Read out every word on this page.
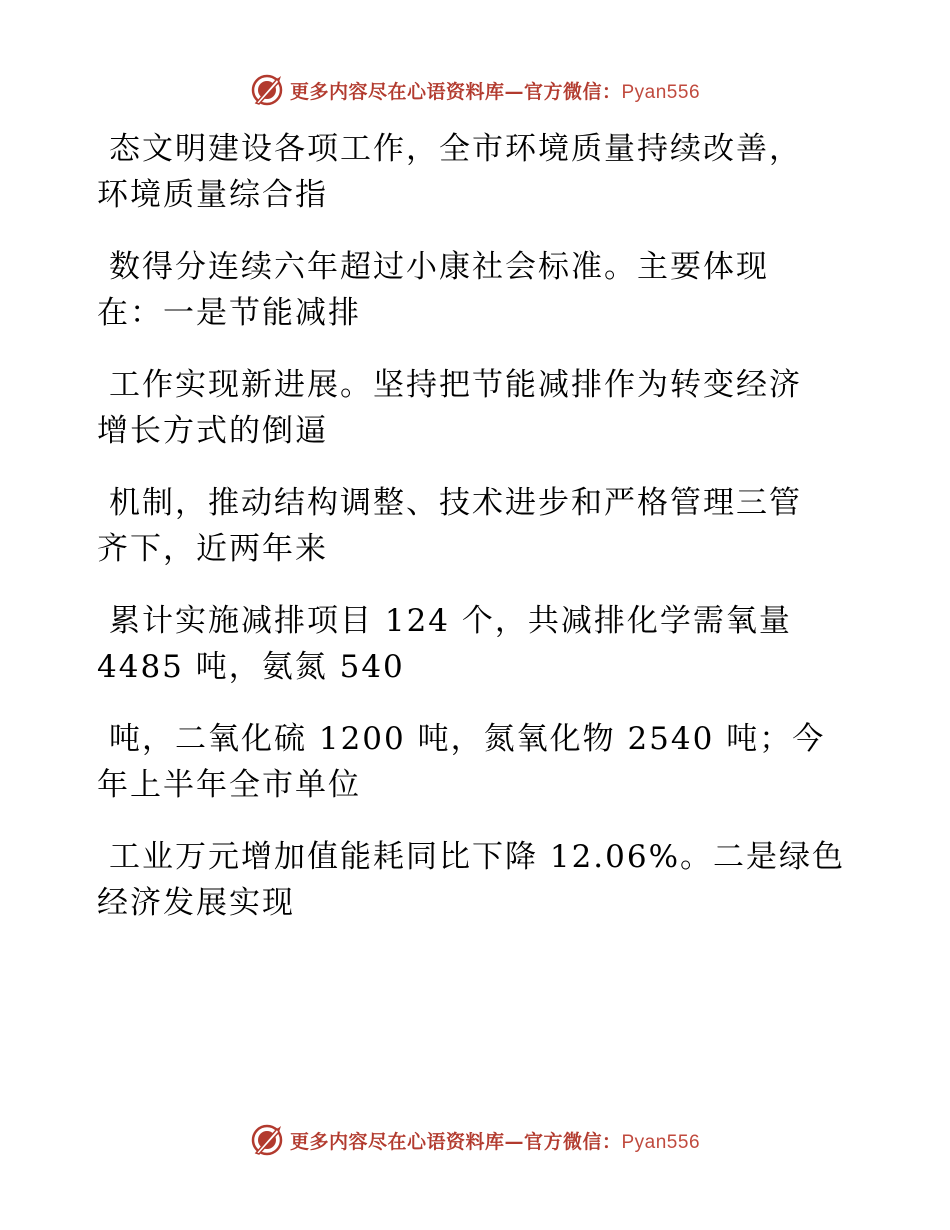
更多内容尽在心语资料库—官方微信：Pyan556

态文明建设各项工作，全市环境质量持续改善，
环境质量综合指

数得分连续六年超过小康社会标准。主要体现
在：一是节能减排

工作实现新进展。坚持把节能减排作为转变经济
增长方式的倒逼

机制，推动结构调整、技术进步和严格管理三管
齐下，近两年来

累计实施减排项目 124 个，共减排化学需氧量
4485 吨，氨氮 540

吨，二氧化硫 1200 吨，氮氧化物 2540 吨；今
年上半年全市单位

工业万元增加值能耗同比下降 12.06%。二是绿色
经济发展实现

更多内容尽在心语资料库—官方微信：Pyan556
